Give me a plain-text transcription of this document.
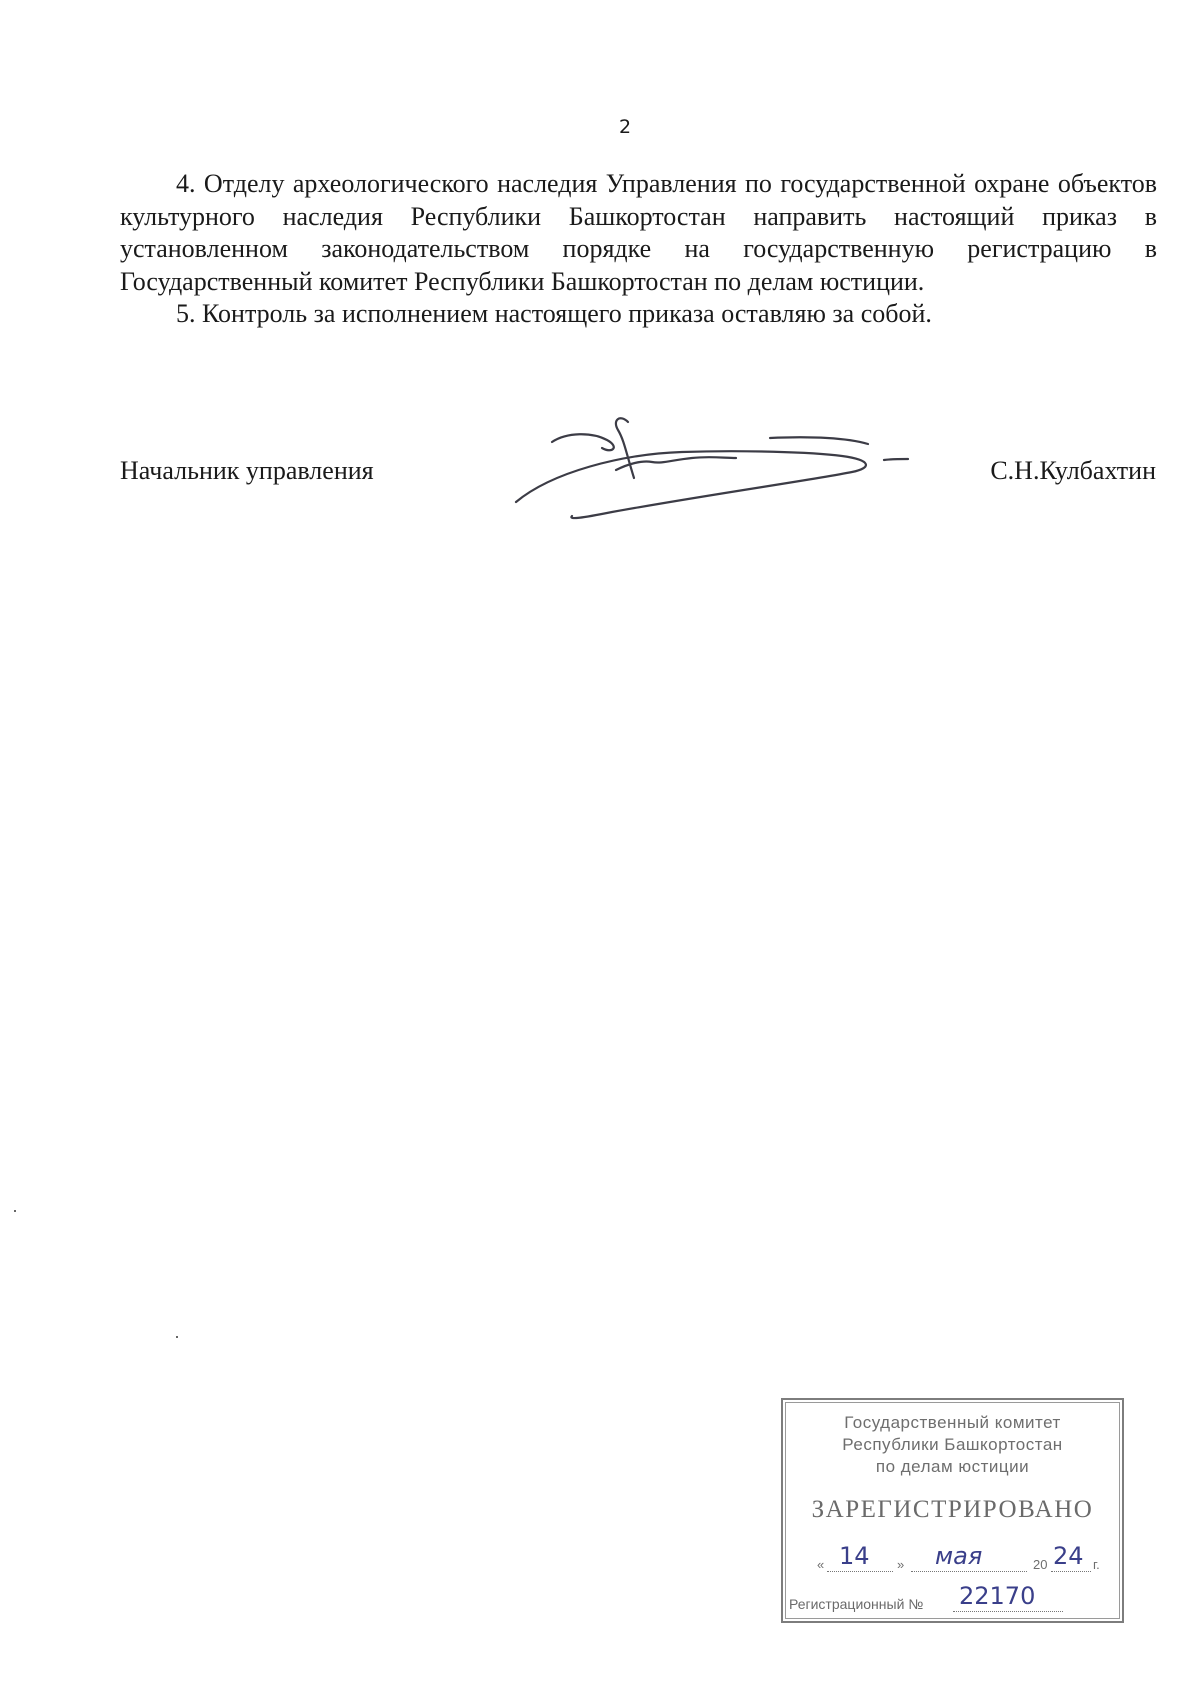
2

4. Отделу археологического наследия Управления по государственной охране объектов культурного наследия Республики Башкортостан направить настоящий приказ в установленном законодательством порядке на государственную регистрацию в Государственный комитет Республики Башкортостан по делам юстиции.

5. Контроль за исполнением настоящего приказа оставляю за собой.

Начальник управления	С.Н.Кулбахтин
Государственный комитет
Республики Башкортостан
по делам юстиции
ЗАРЕГИСТРИРОВАНО
« 14 » мая	20 24 г.
Регистрационный № 22170
